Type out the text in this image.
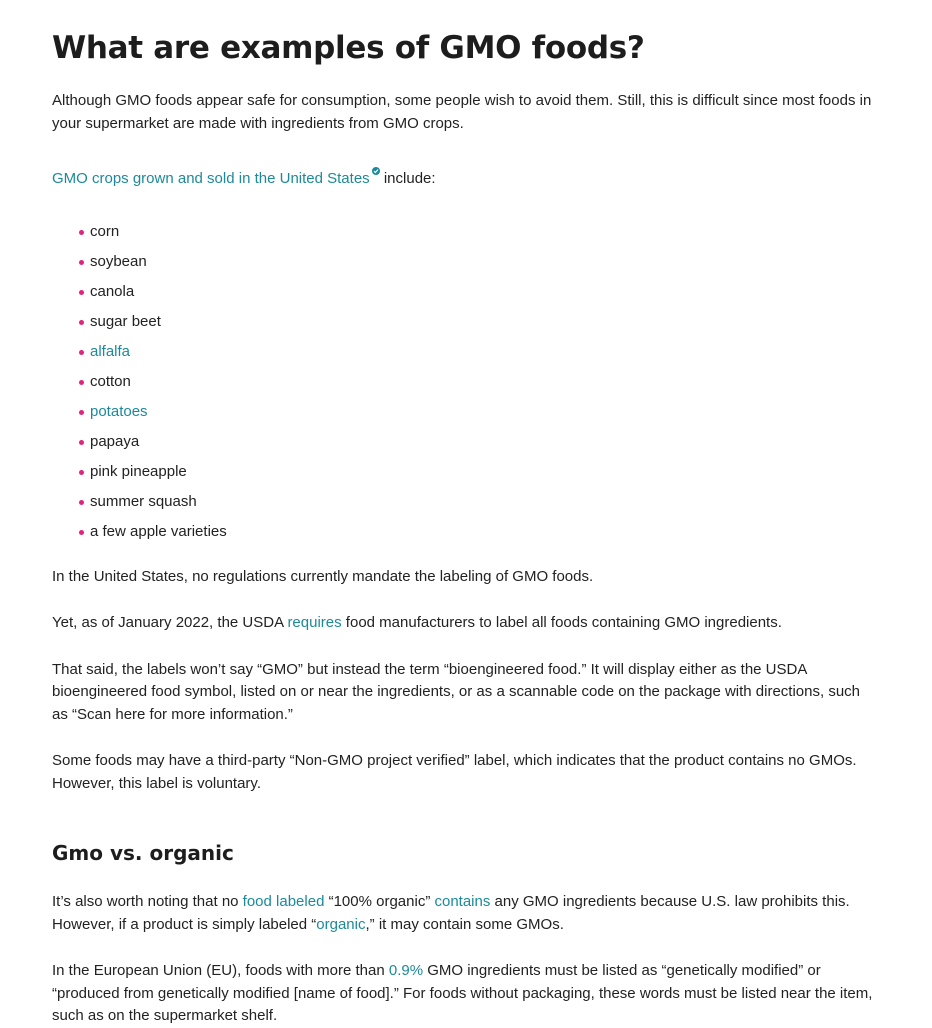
What are examples of GMO foods?

Although GMO foods appear safe for consumption, some people wish to avoid them. Still, this is difficult since most foods in your supermarket are made with ingredients from GMO crops.

GMO crops grown and sold in the United States include:

corn
soybean
canola
sugar beet
alfalfa
cotton
potatoes
papaya
pink pineapple
summer squash
a few apple varieties

In the United States, no regulations currently mandate the labeling of GMO foods.

Yet, as of January 2022, the USDA requires food manufacturers to label all foods containing GMO ingredients.

That said, the labels won’t say “GMO” but instead the term “bioengineered food.” It will display either as the USDA bioengineered food symbol, listed on or near the ingredients, or as a scannable code on the package with directions, such as “Scan here for more information.”

Some foods may have a third-party “Non-GMO project verified” label, which indicates that the product contains no GMOs. However, this label is voluntary.

Gmo vs. organic

It’s also worth noting that no food labeled “100% organic” contains any GMO ingredients because U.S. law prohibits this. However, if a product is simply labeled “organic,” it may contain some GMOs.

In the European Union (EU), foods with more than 0.9% GMO ingredients must be listed as “genetically modified” or “produced from genetically modified [name of food].” For foods without packaging, these words must be listed near the item, such as on the supermarket shelf.
